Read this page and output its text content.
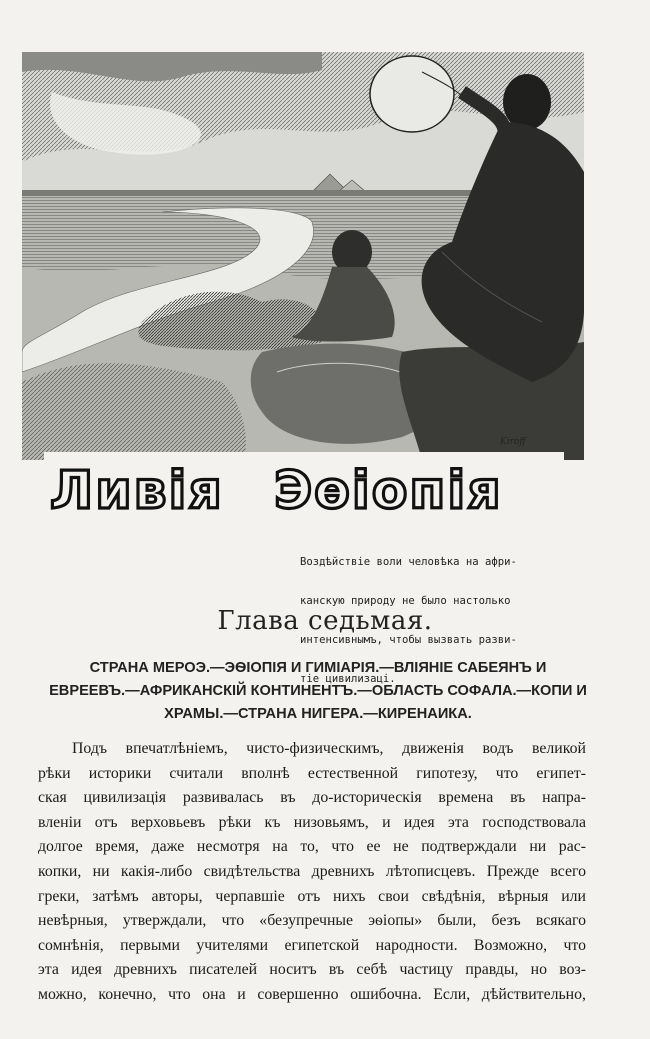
Kiroff
Ливія Эѳіопія

Воздѣйствіе воли человѣка на афри-

канскую природу не было настолько

интенсивнымъ, чтобы вызвать разви-

тіе цивилизаці.

Глава седьмая.
СТРАНА МЕРОЭ.—ЭѲІОПІЯ И ГИМІАРІЯ.—ВЛІЯНІЕ САБЕЯНЪ И
ЕВРЕЕВЪ.—АФРИКАНСКІЙ КОНТИНЕНТЪ.—ОБЛАСТЬ СОФАЛА.—КОПИ И
ХРАМЫ.—СТРАНА НИГЕРА.—КИРЕНАИКА.
Подъ впечатлѣніемъ, чисто-физическимъ, движенія водъ великой
рѣки историки считали вполнѣ естественной гипотезу, что египет-
ская цивилизація развивалась въ до-историческія времена въ напра-
вленіи отъ верховьевъ рѣки къ низовьямъ, и идея эта господствовала
долгое время, даже несмотря на то, что ее не подтверждали ни рас-
копки, ни какія-либо свидѣтельства древнихъ лѣтописцевъ. Прежде всего
греки, затѣмъ авторы, черпавшіе отъ нихъ свои свѣдѣнія, вѣрныя или
невѣрныя, утверждали, что «безупречные эѳіопы» были, безъ всякаго
сомнѣнія, первыми учителями египетской народности. Возможно, что
эта идея древнихъ писателей носитъ въ себѣ частицу правды, но воз-
можно, конечно, что она и совершенно ошибочна. Если, дѣйствительно,
